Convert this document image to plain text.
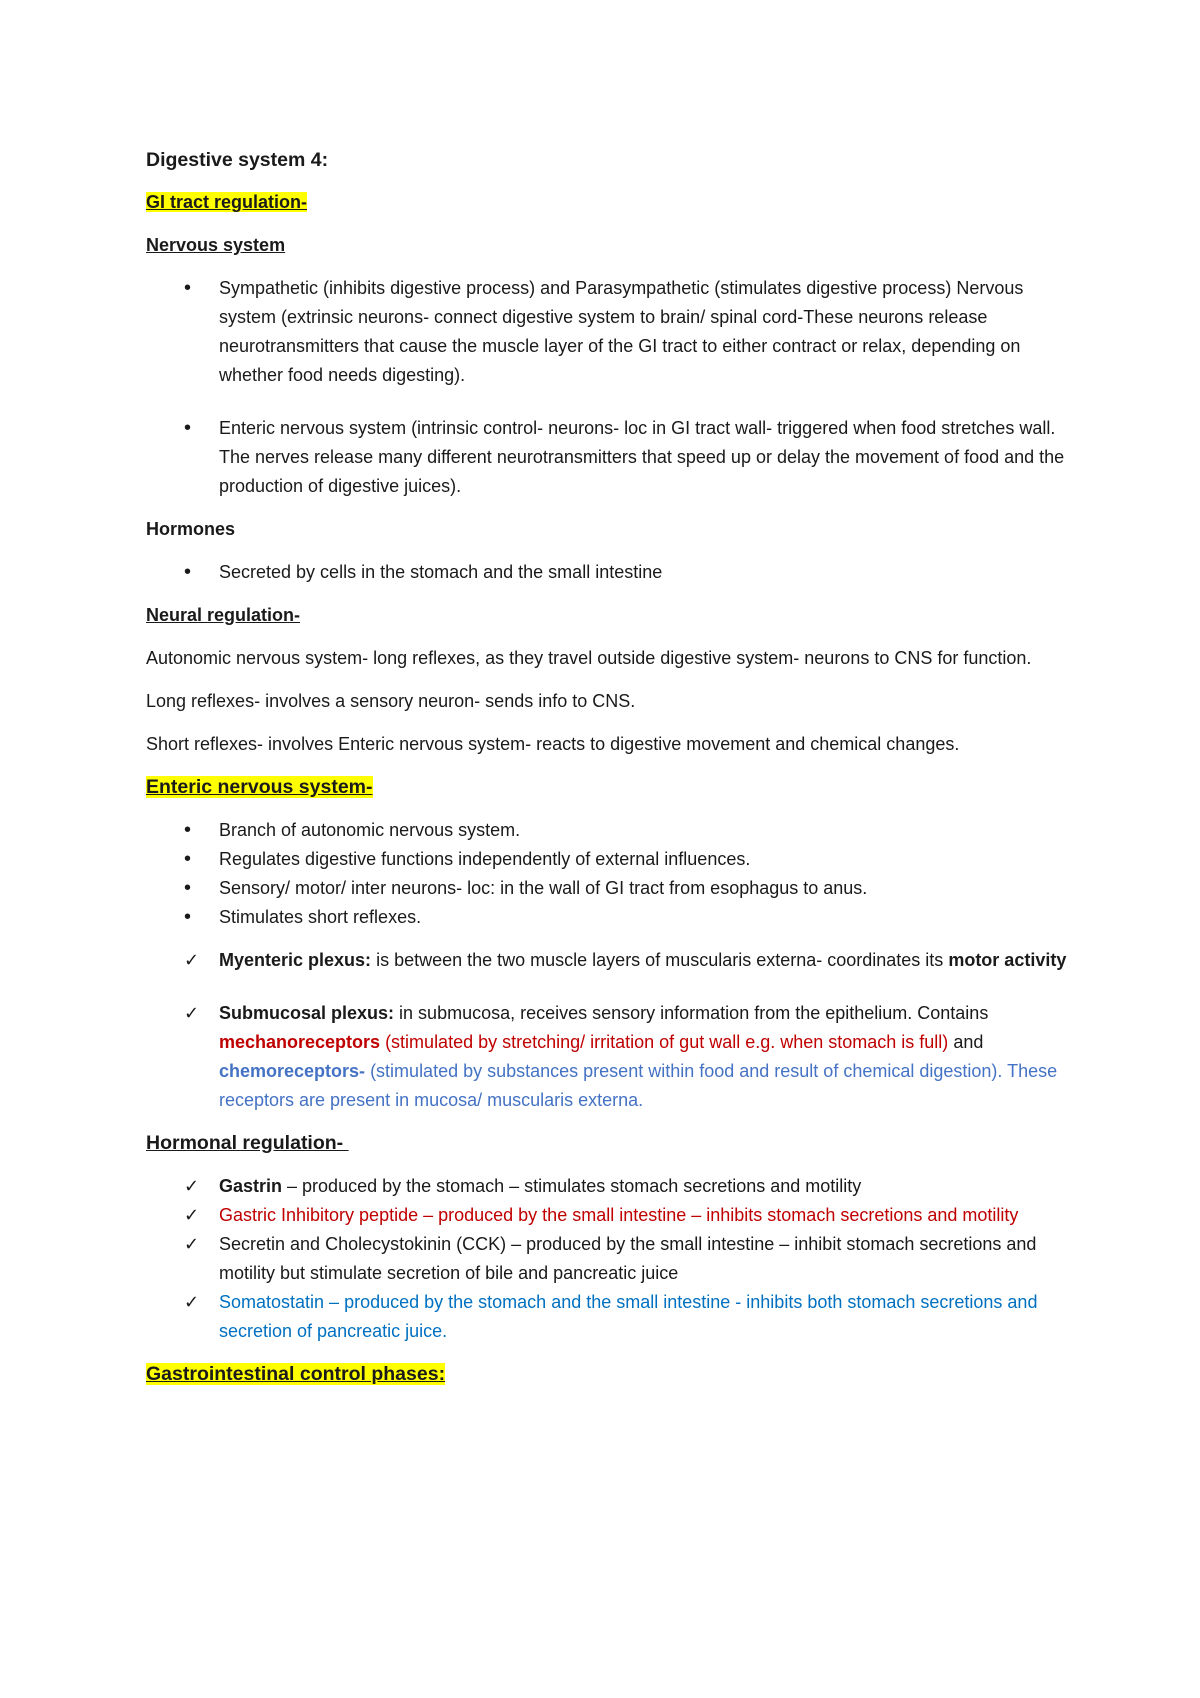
Digestive system 4:

GI tract regulation-

Nervous system

•
Sympathetic (inhibits digestive process) and Parasympathetic (stimulates digestive process) Nervous system (extrinsic neurons- connect digestive system to brain/ spinal cord-These neurons release neurotransmitters that cause the muscle layer of the GI tract to either contract or relax, depending on whether food needs digesting).
•
Enteric nervous system (intrinsic control- neurons- loc in GI tract wall- triggered when food stretches wall. The nerves release many different neurotransmitters that speed up or delay the movement of food and the production of digestive juices).

Hormones

•
Secreted by cells in the stomach and the small intestine

Neural regulation-

Autonomic nervous system- long reflexes, as they travel outside digestive system- neurons to CNS for function.

Long reflexes- involves a sensory neuron- sends info to CNS.

Short reflexes- involves Enteric nervous system- reacts to digestive movement and chemical changes.

Enteric nervous system-

•
Branch of autonomic nervous system.
•
Regulates digestive functions independently of external influences.
•
Sensory/ motor/ inter neurons- loc: in the wall of GI tract from esophagus to anus.
•
Stimulates short reflexes.
✓ Myenteric plexus: is between the two muscle layers of muscularis externa- coordinates its motor activity
✓ Submucosal plexus: in submucosa, receives sensory information from the epithelium. Contains mechanoreceptors (stimulated by stretching/ irritation of gut wall e.g. when stomach is full) and chemoreceptors- (stimulated by substances present within food and result of chemical digestion). These receptors are present in mucosa/ muscularis externa.

Hormonal regulation-

✓ Gastrin – produced by the stomach – stimulates stomach secretions and motility
✓ Gastric Inhibitory peptide – produced by the small intestine – inhibits stomach secretions and motility
✓ Secretin and Cholecystokinin (CCK) – produced by the small intestine – inhibit stomach secretions and motility but stimulate secretion of bile and pancreatic juice
✓ Somatostatin – produced by the stomach and the small intestine - inhibits both stomach secretions and secretion of pancreatic juice.

Gastrointestinal control phases:
